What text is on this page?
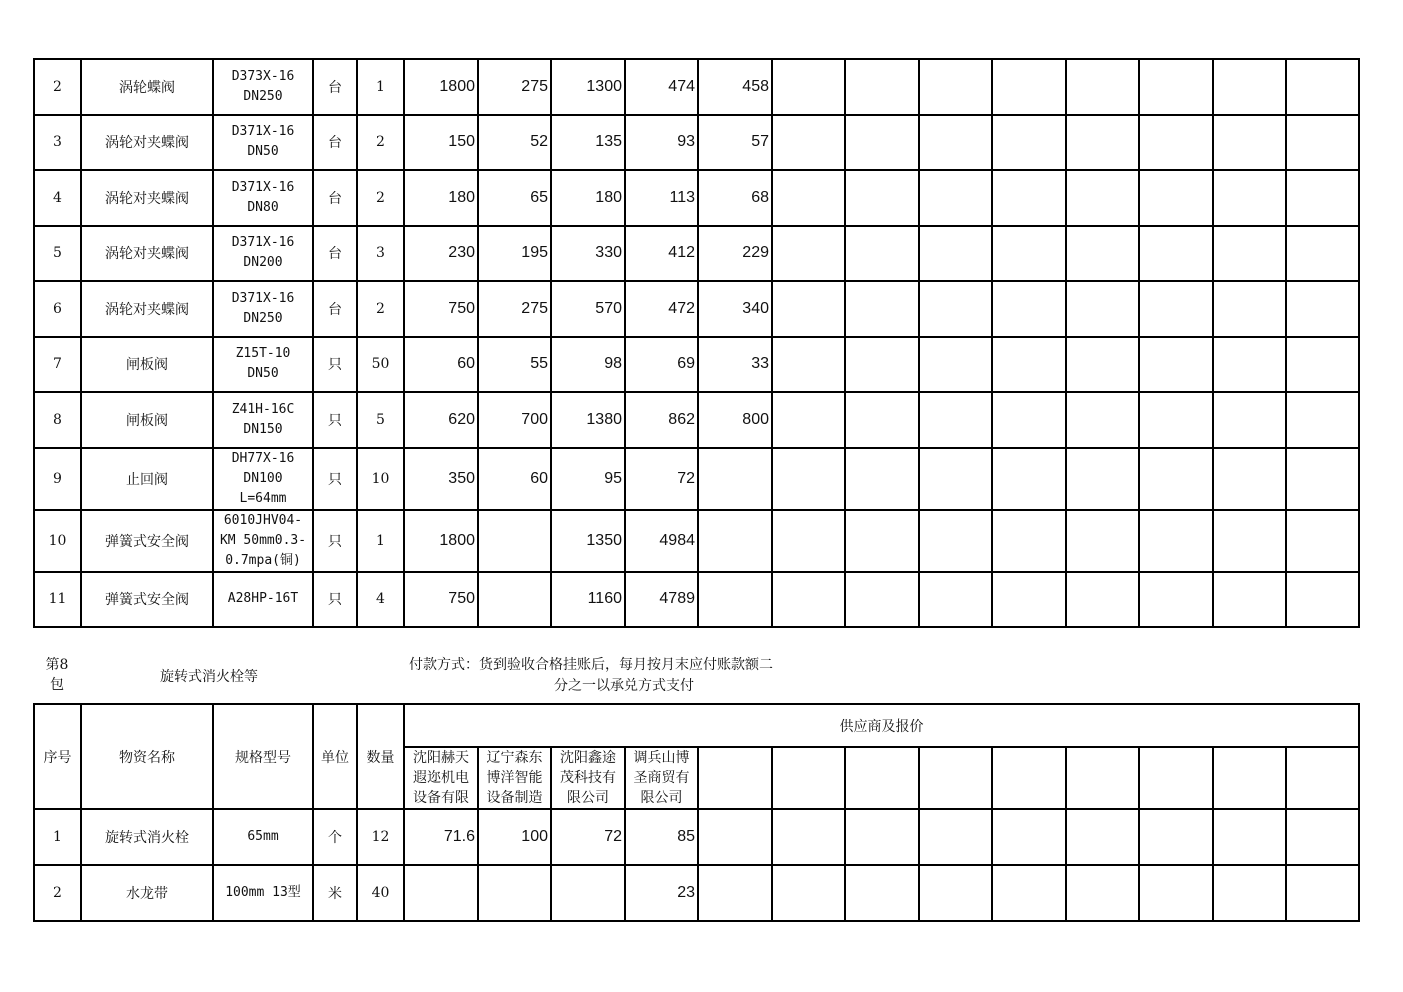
2	涡轮蝶阀	D373X-16
DN250	台	1	1800	275	1300	474	458								
3	涡轮对夹蝶阀	D371X-16
DN50	台	2	150	52	135	93	57								
4	涡轮对夹蝶阀	D371X-16
DN80	台	2	180	65	180	113	68								
5	涡轮对夹蝶阀	D371X-16
DN200	台	3	230	195	330	412	229								
6	涡轮对夹蝶阀	D371X-16
DN250	台	2	750	275	570	472	340								
7	闸板阀	Z15T-10
DN50	只	50	60	55	98	69	33								
8	闸板阀	Z41H-16C
DN150	只	5	620	700	1380	862	800								
9	止回阀	DH77X-16
DN100
L=64mm	只	10	350	60	95	72									
10	弹簧式安全阀	6010JHV04-
KM 50mm0.3-
0.7mpa(铜)	只	1	1800		1350	4984									
11	弹簧式安全阀	A28HP-16T	只	4	750		1160	4789									
第8
包	旋转式消火栓等
付款方式：货到验收合格挂账后，每月按月末应付账款额二
分之一以承兑方式支付
序号	物资名称	规格型号	单位	数量	供应商及报价												
					沈阳赫天
遐迩机电
设备有限	辽宁森东
博洋智能
设备制造	沈阳鑫途
茂科技有
限公司	调兵山博
圣商贸有
限公司									
1	旋转式消火栓	65mm	个	12	71.6	100	72	85									
2	水龙带	100mm 13型	米	40				23									
